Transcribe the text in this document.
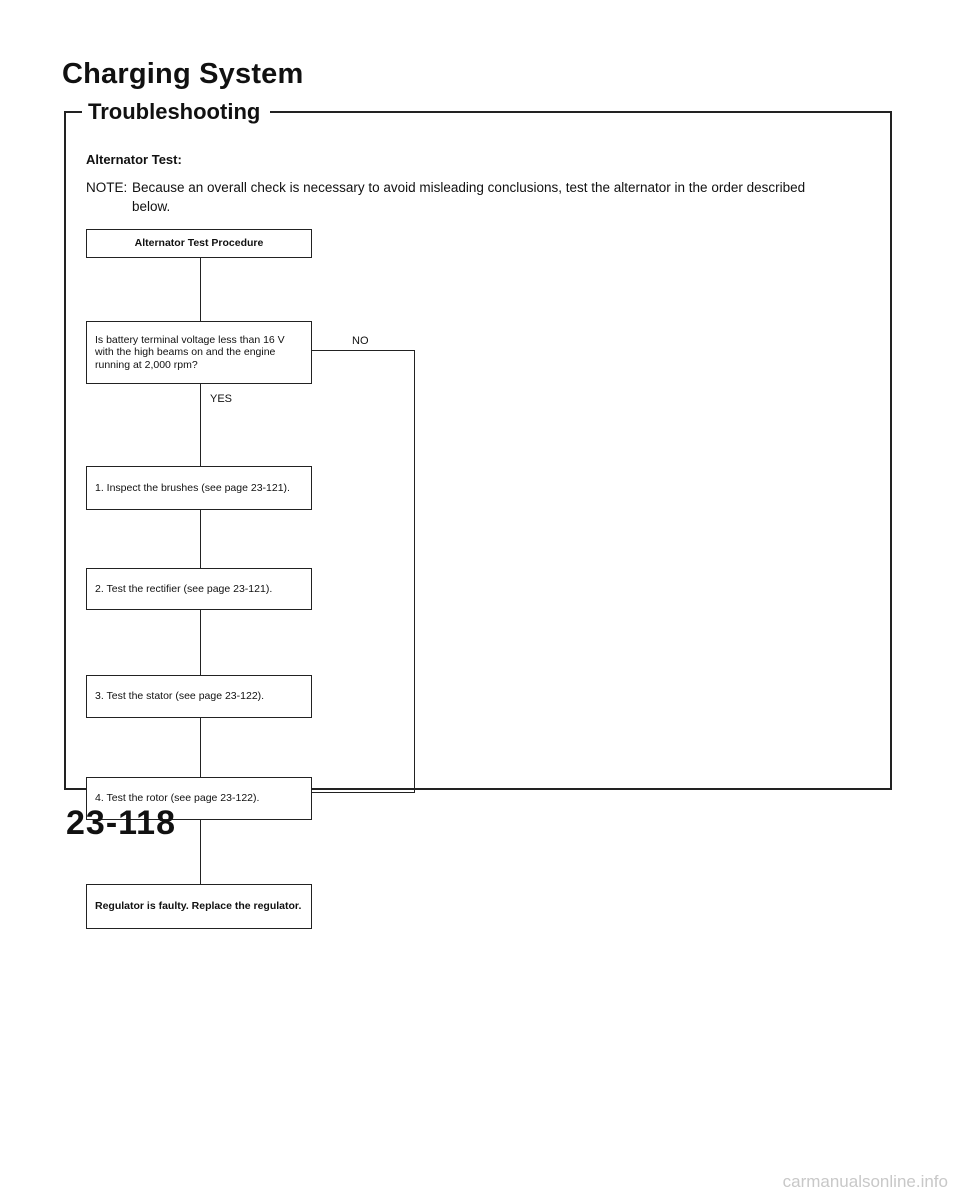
Charging System
Troubleshooting
Alternator Test:
NOTE: Because an overall check is necessary to avoid misleading conclusions, test the alternator in the order described
below.
Alternator Test Procedure
Is battery terminal voltage less than 16 V with the high beams on and the engine running at 2,000 rpm?
NO
YES
1. Inspect the brushes (see page 23-121).
2. Test the rectifier (see page 23-121).
3. Test the stator (see page 23-122).
4. Test the rotor (see page 23-122).
Regulator is faulty. Replace the regulator.
23-118
carmanualsonline.info
